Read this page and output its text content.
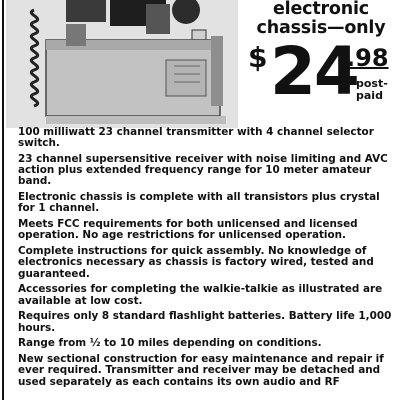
electronic
chassis—only
$ 24
.98
post-
paid

100 milliwatt 23 channel transmitter with 4 channel selector switch.

23 channel supersensitive receiver with noise limiting and AVC action plus extended frequency range for 10 meter amateur band.

Electronic chassis is complete with all transistors plus crystal for 1 channel.

Meets FCC requirements for both unlicensed and licensed operation. No age restrictions for unlicensed operation.

Complete instructions for quick assembly. No knowledge of electronics necessary as chassis is factory wired, tested and guaranteed.

Accessories for completing the walkie-talkie as illustrated are available at low cost.

Requires only 8 standard flashlight batteries. Battery life 1,000 hours.

Range from ½ to 10 miles depending on conditions.

New sectional construction for easy maintenance and repair if ever required. Transmitter and receiver may be detached and used separately as each contains its own audio and RF
